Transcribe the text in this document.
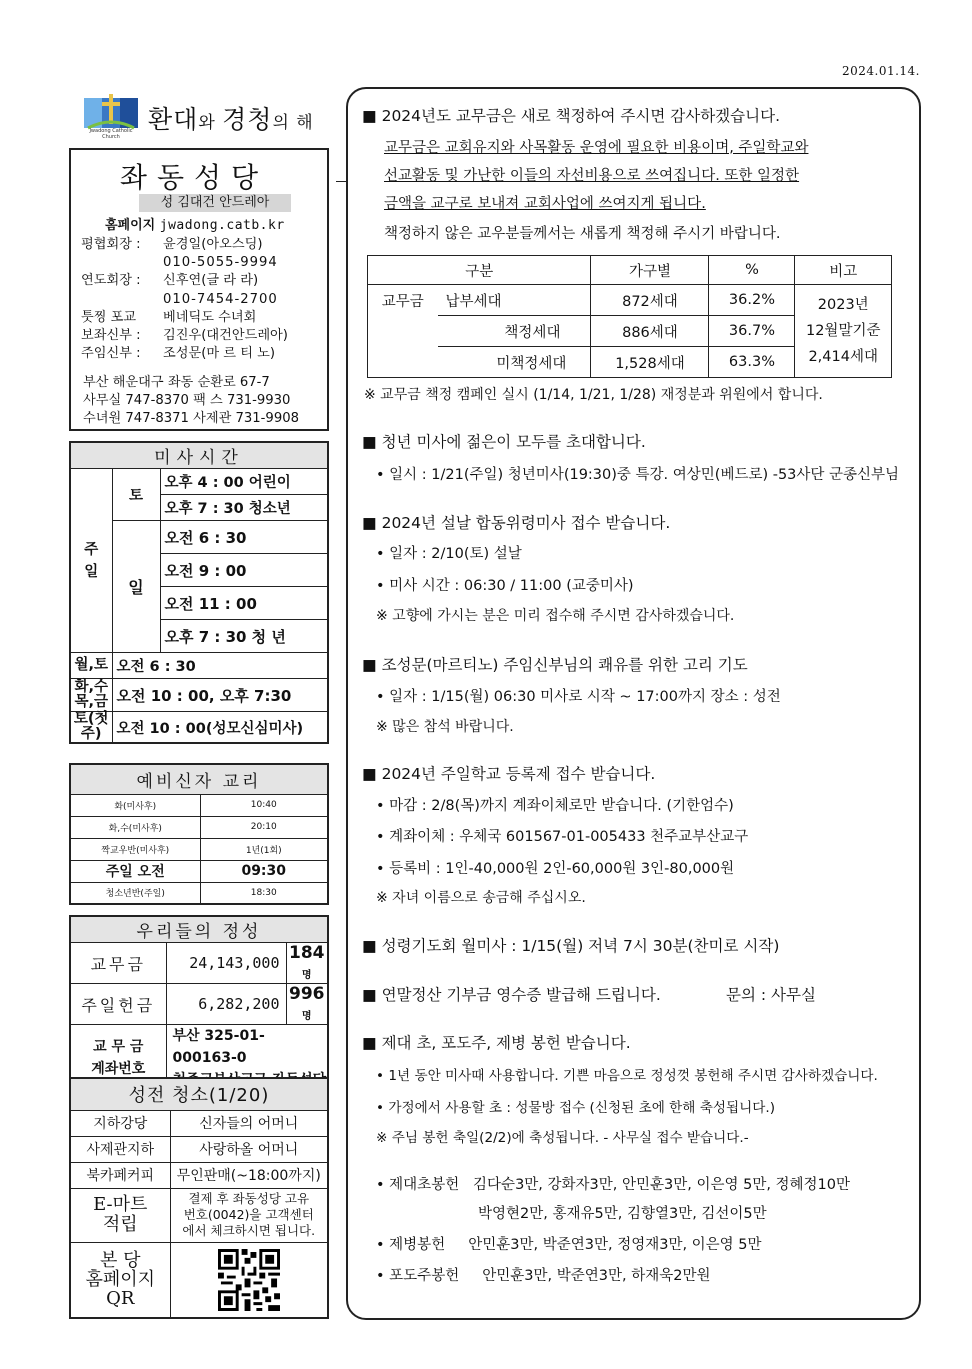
2024.01.14.
Jwadong Catholic Church
환대와 경청의 해
좌동성당
성 김대건 안드레아
홈페이지 jwadong.catb.kr
평협회장 :	윤경일(아오스딩)
010-5055-9994
연도회장 :	신후연(글 라 라)
010-7454-2700
툿찡 포교	베네딕도 수녀회
보좌신부 :	김진우(대건안드레아)
주임신부 :	조성문(마 르 티 노)
부산 해운대구 좌동 순환로 67-7
사무실 747-8370 팩 스 731-9930
수녀원 747-8371 사제관 731-9908
미사시간		
주
일	토	오후 4 : 00 어린이
		오후 7 : 30 청소년
	일	오전 6 : 30
		오전 9 : 00
		오전 11 : 00
		오후 7 : 30 청 년
월,토	오전 6 : 30	
화,수
목,금	오전 10 : 00, 오후 7:30	
토(첫주)	오전 10 : 00(성모신심미사)	
예비신자 교리	
화(미사후)	10:40
화,수(미사후)	20:10
짝교우반(미사후)	1년(1회)
주일 오전	09:30
청소년반(주일)	18:30
우리들의 정성		
교무금	24,143,000	184명
주일헌금	6,282,200	996명
교 무 금
계좌번호	부산 325-01-000163-0	
성전 청소(1/20)	
지하강당	신자들의 어머니
사제관지하	사랑하올 어머니
북카페커피	무인판매(~18:00까지)
E-마트
적립	결제 후 좌동성당 고유
번호(0042)을 고객센터
에서 체크하시면 됩니다.
본 당
홈페이지
QR	
■ 2024년도 교무금은 새로 책정하여 주시면 감사하겠습니다.
교무금은 교회유지와 사목활동 운영에 필요한 비용이며, 주일학교와
선교활동 및 가난한 이들의 자선비용으로 쓰여집니다. 또한 일정한
금액을 교구로 보내져 교회사업에 쓰여지게 됩니다.
책정하지 않은 교우분들께서는 새롭게 책정해 주시기 바랍니다.
구분		가구별	%	비고
교무금	납부세대	872세대	36.2%	2023년
12월말기준
2,414세대

	책정세대	886세대	36.7%	
	미책정세대	1,528세대	63.3%	
※ 교무금 책정 캠페인 실시 (1/14, 1/21, 1/28) 재정분과 위원에서 합니다.
■ 청년 미사에 젊은이 모두를 초대합니다.
• 일시 : 1/21(주일) 청년미사(19:30)중 특강. 여상민(베드로) -53사단 군종신부님
■ 2024년 설날 합동위령미사 접수 받습니다.
• 일자 : 2/10(토) 설날
• 미사 시간 : 06:30 / 11:00 (교중미사)
※ 고향에 가시는 분은 미리 접수해 주시면 감사하겠습니다.
■ 조성문(마르티노) 주임신부님의 쾌유를 위한 고리 기도
• 일자 : 1/15(월) 06:30 미사로 시작 ~ 17:00까지 장소 : 성전
※ 많은 참석 바랍니다.
■ 2024년 주일학교 등록제 접수 받습니다.
• 마감 : 2/8(목)까지 계좌이체로만 받습니다. (기한엄수)
• 계좌이체 : 우체국 601567-01-005433 천주교부산교구
• 등록비 : 1인-40,000원 2인-60,000원 3인-80,000원
※ 자녀 이름으로 송금해 주십시오.
■ 성령기도회 월미사 : 1/15(월) 저녁 7시 30분(찬미로 시작)
■ 연말정산 기부금 영수증 발급해 드립니다.	문의 : 사무실
■ 제대 초, 포도주, 제병 봉헌 받습니다.
• 1년 동안 미사때 사용합니다. 기쁜 마음으로 정성껏 봉헌해 주시면 감사하겠습니다.
• 가정에서 사용할 초 : 성물방 접수 (신청된 초에 한해 축성됩니다.)
※ 주님 봉헌 축일(2/2)에 축성됩니다. - 사무실 접수 받습니다.-
• 제대초봉헌 김다순3만, 강화자3만, 안민훈3만, 이은영 5만, 정혜정10만
박영현2만, 홍재유5만, 김향열3만, 김선이5만
• 제병봉헌 안민훈3만, 박준연3만, 정영재3만, 이은영 5만
• 포도주봉헌 안민훈3만, 박준연3만, 하재욱2만원
